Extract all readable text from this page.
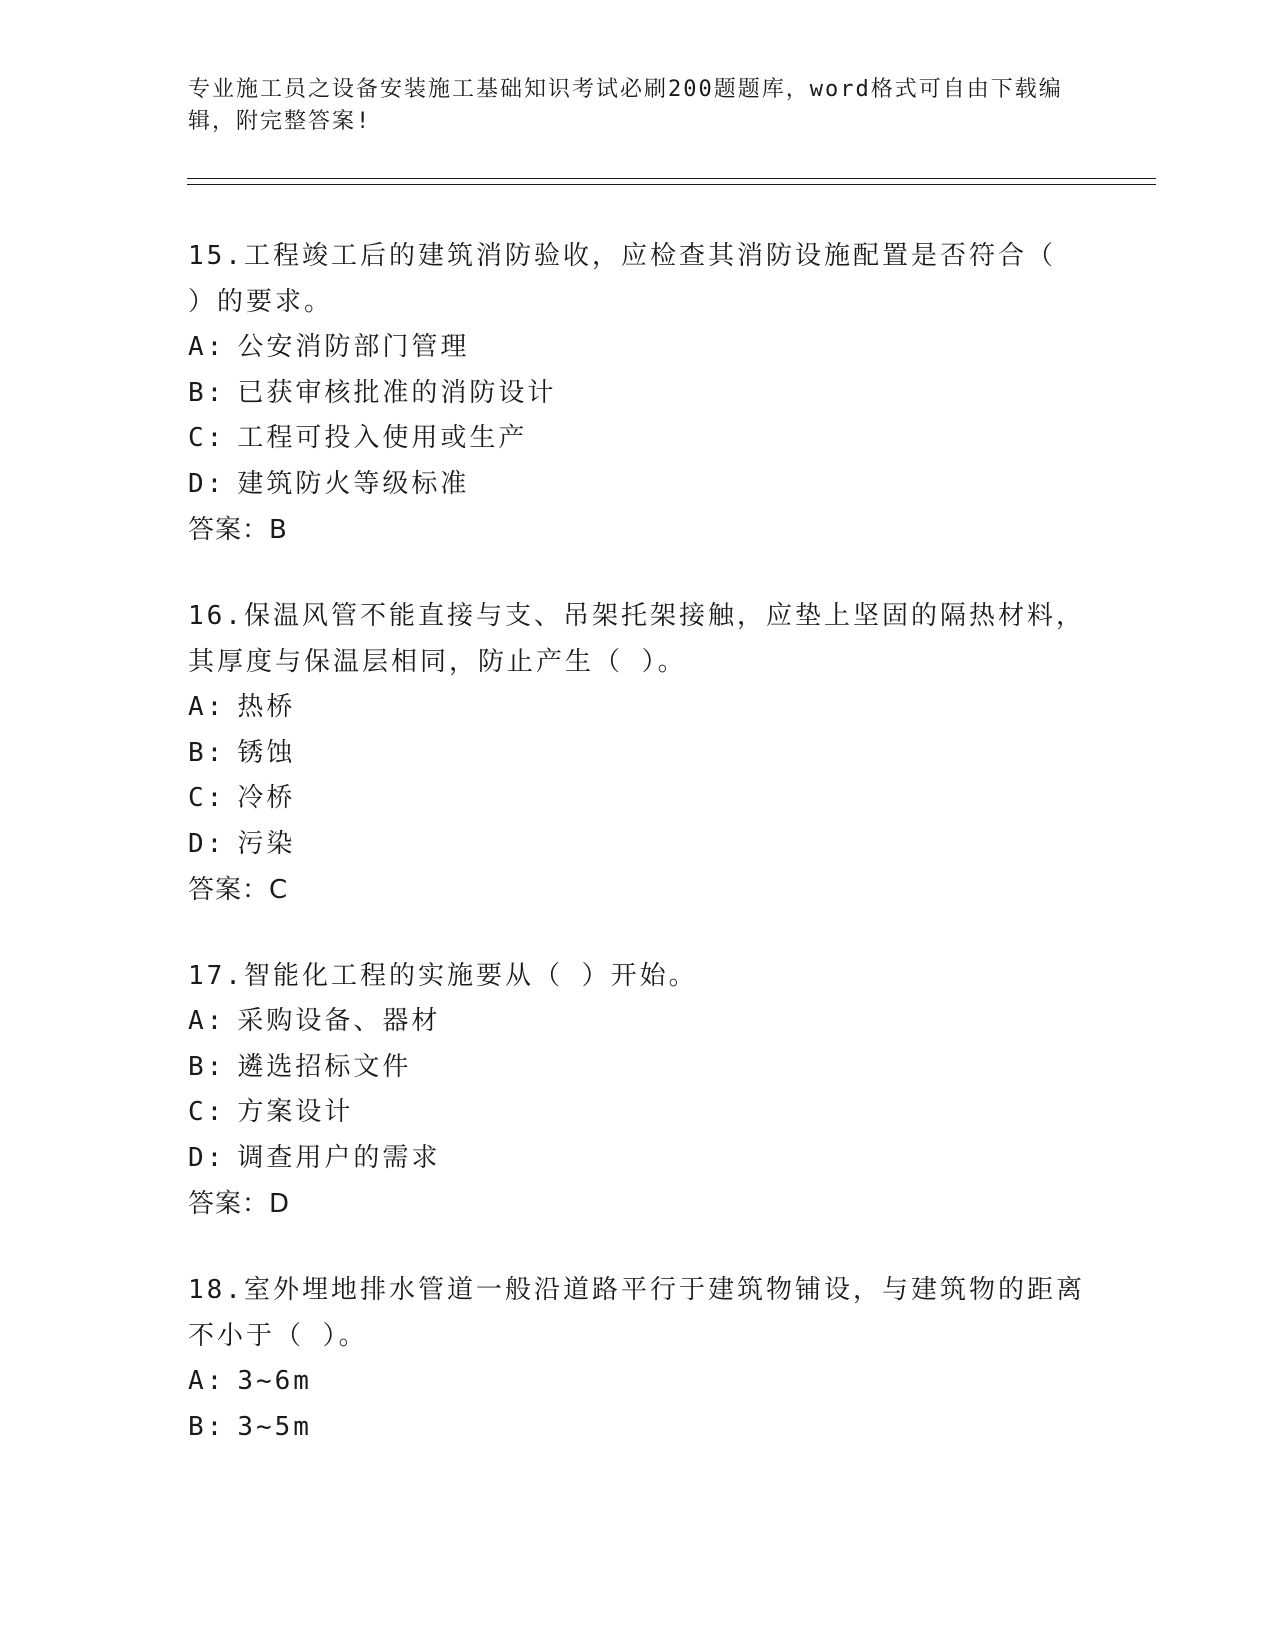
专业施工员之设备安装施工基础知识考试必刷200题题库，word格式可自由下载编辑，附完整答案!
15.工程竣工后的建筑消防验收，应检查其消防设施配置是否符合（ ）的要求。
A: 公安消防部门管理
B: 已获审核批准的消防设计
C: 工程可投入使用或生产
D: 建筑防火等级标准
答案：B
16.保温风管不能直接与支、吊架托架接触，应垫上坚固的隔热材料，其厚度与保温层相同，防止产生（ ）。
A: 热桥
B: 锈蚀
C: 冷桥
D: 污染
答案：C
17.智能化工程的实施要从（ ）开始。
A: 采购设备、器材
B: 遴选招标文件
C: 方案设计
D: 调查用户的需求
答案：D
18.室外埋地排水管道一般沿道路平行于建筑物铺设，与建筑物的距离不小于（ ）。
A: 3~6m
B: 3~5m
